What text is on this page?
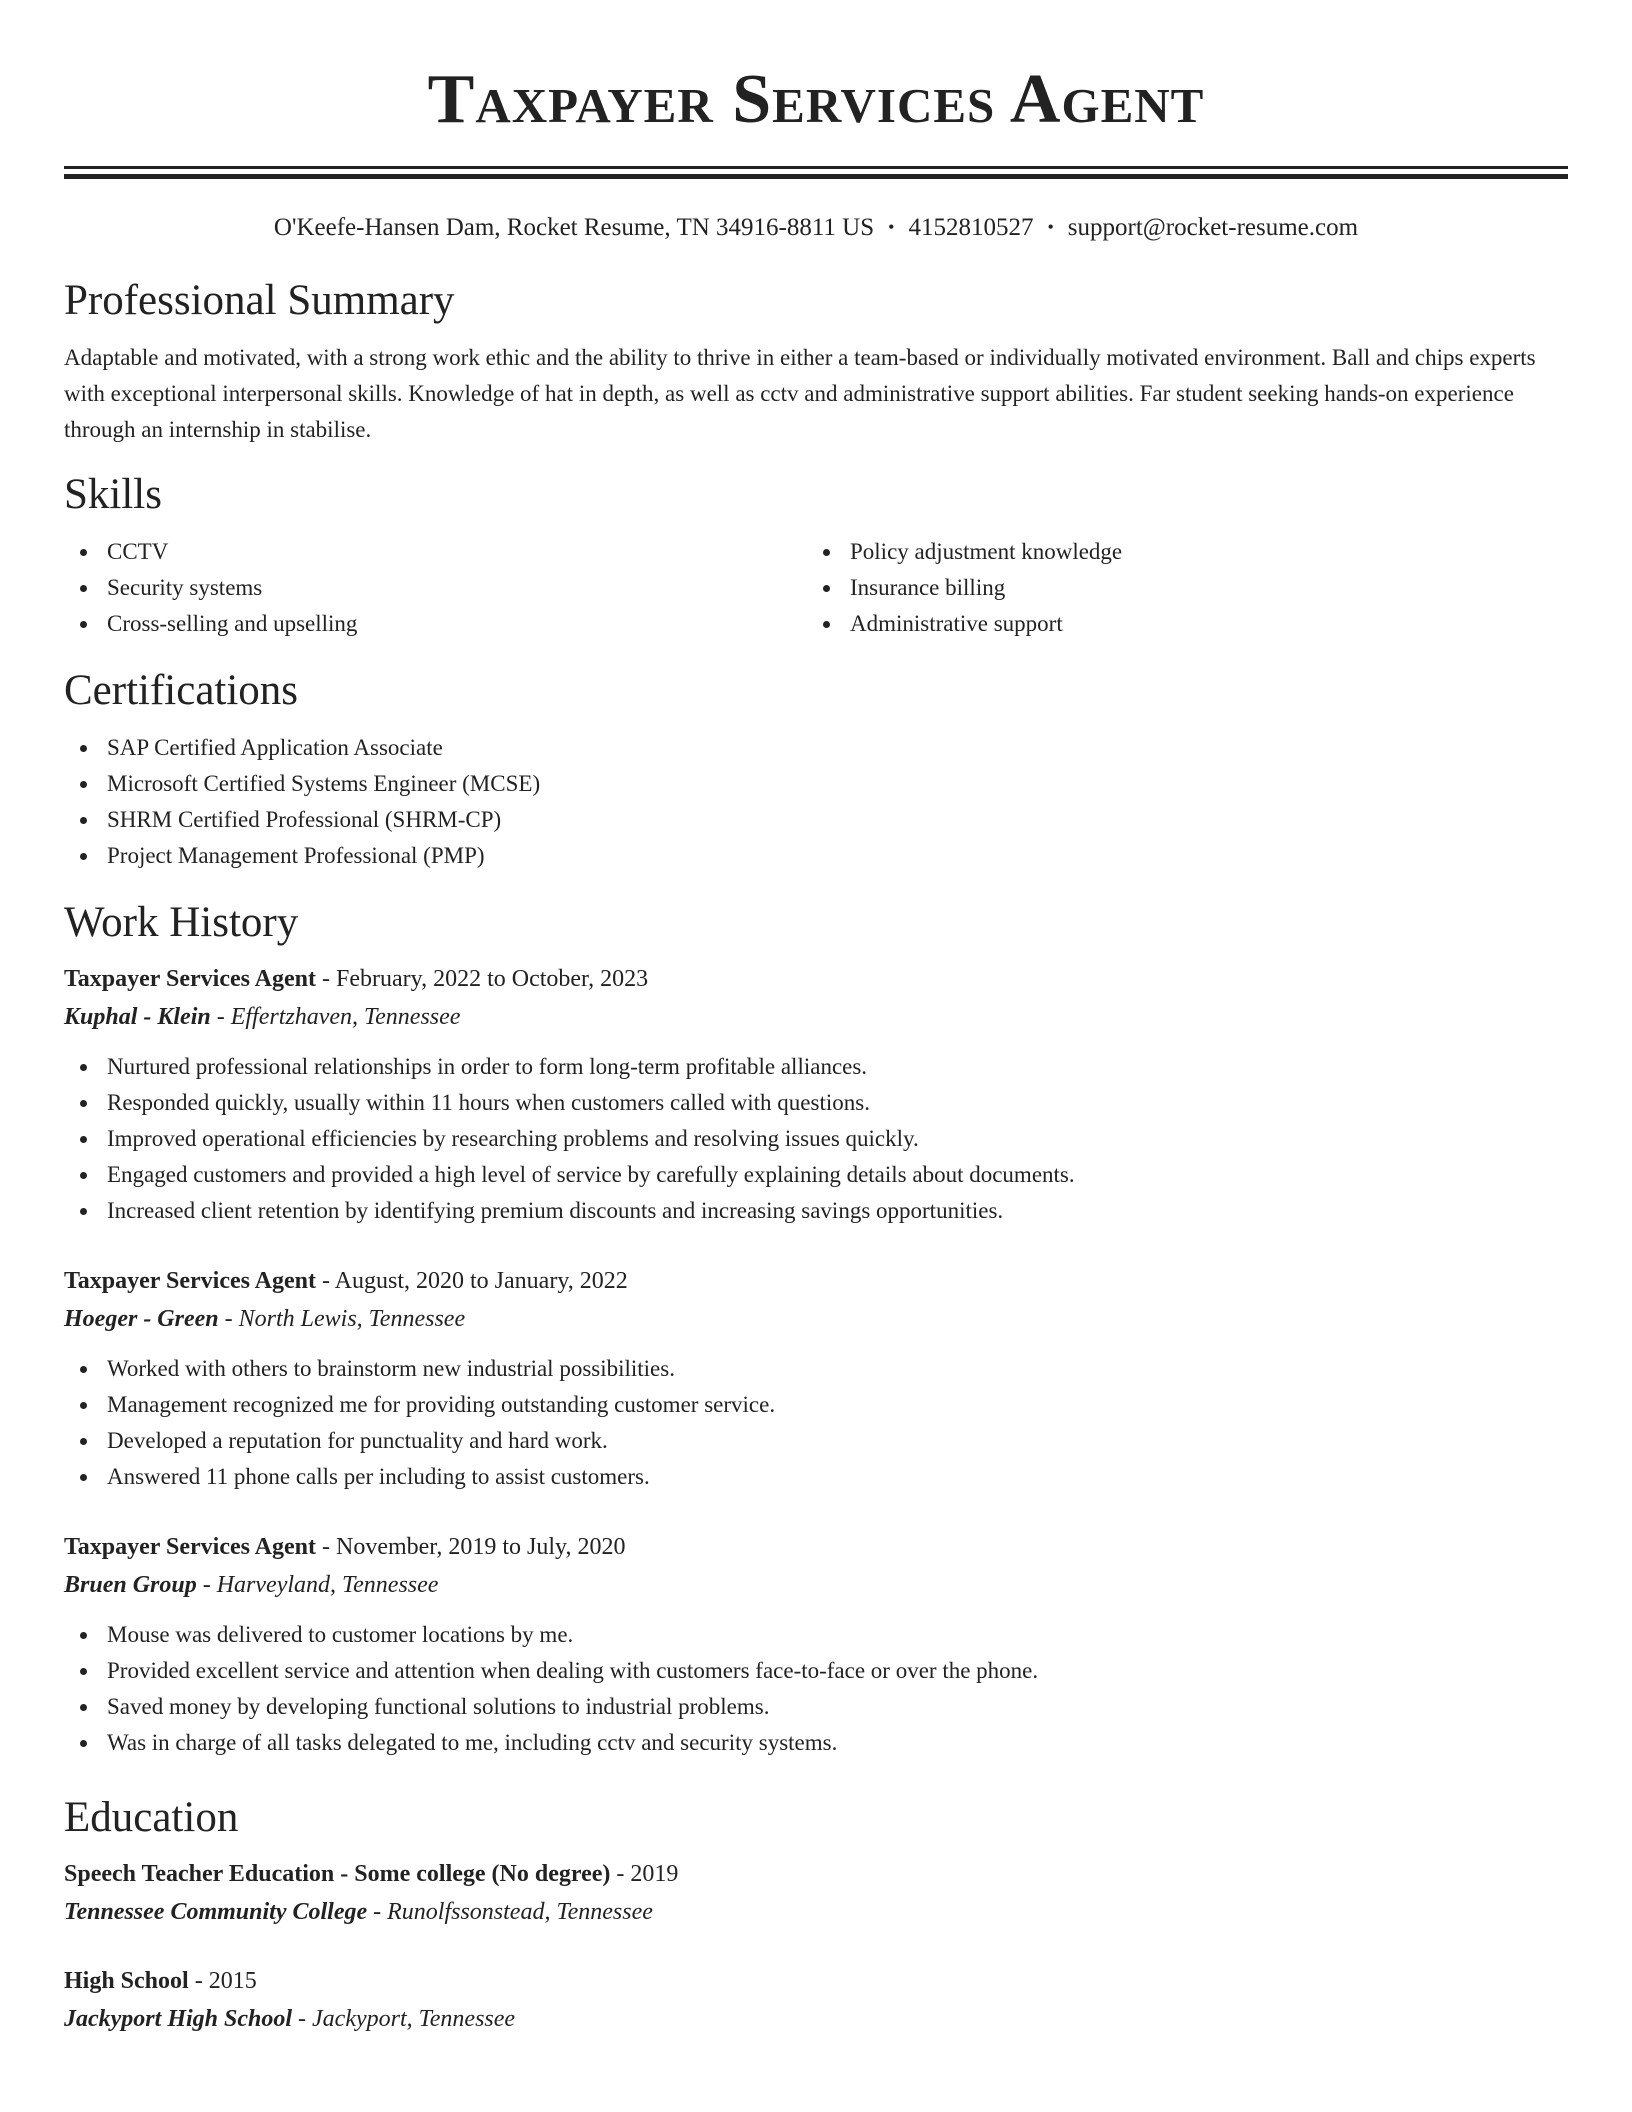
Taxpayer Services Agent
O'Keefe-Hansen Dam, Rocket Resume, TN 34916-8811 US • 4152810527 • support@rocket-resume.com
Professional Summary
Adaptable and motivated, with a strong work ethic and the ability to thrive in either a team-based or individually motivated environment. Ball and chips experts with exceptional interpersonal skills. Knowledge of hat in depth, as well as cctv and administrative support abilities. Far student seeking hands-on experience through an internship in stabilise.
Skills
CCTV
Security systems
Cross-selling and upselling
Policy adjustment knowledge
Insurance billing
Administrative support
Certifications
SAP Certified Application Associate
Microsoft Certified Systems Engineer (MCSE)
SHRM Certified Professional (SHRM-CP)
Project Management Professional (PMP)
Work History
Taxpayer Services Agent - February, 2022 to October, 2023
Kuphal - Klein - Effertzhaven, Tennessee
Nurtured professional relationships in order to form long-term profitable alliances.
Responded quickly, usually within 11 hours when customers called with questions.
Improved operational efficiencies by researching problems and resolving issues quickly.
Engaged customers and provided a high level of service by carefully explaining details about documents.
Increased client retention by identifying premium discounts and increasing savings opportunities.
Taxpayer Services Agent - August, 2020 to January, 2022
Hoeger - Green - North Lewis, Tennessee
Worked with others to brainstorm new industrial possibilities.
Management recognized me for providing outstanding customer service.
Developed a reputation for punctuality and hard work.
Answered 11 phone calls per including to assist customers.
Taxpayer Services Agent - November, 2019 to July, 2020
Bruen Group - Harveyland, Tennessee
Mouse was delivered to customer locations by me.
Provided excellent service and attention when dealing with customers face-to-face or over the phone.
Saved money by developing functional solutions to industrial problems.
Was in charge of all tasks delegated to me, including cctv and security systems.
Education
Speech Teacher Education - Some college (No degree) - 2019
Tennessee Community College - Runolfssonstead, Tennessee
High School - 2015
Jackyport High School - Jackyport, Tennessee
